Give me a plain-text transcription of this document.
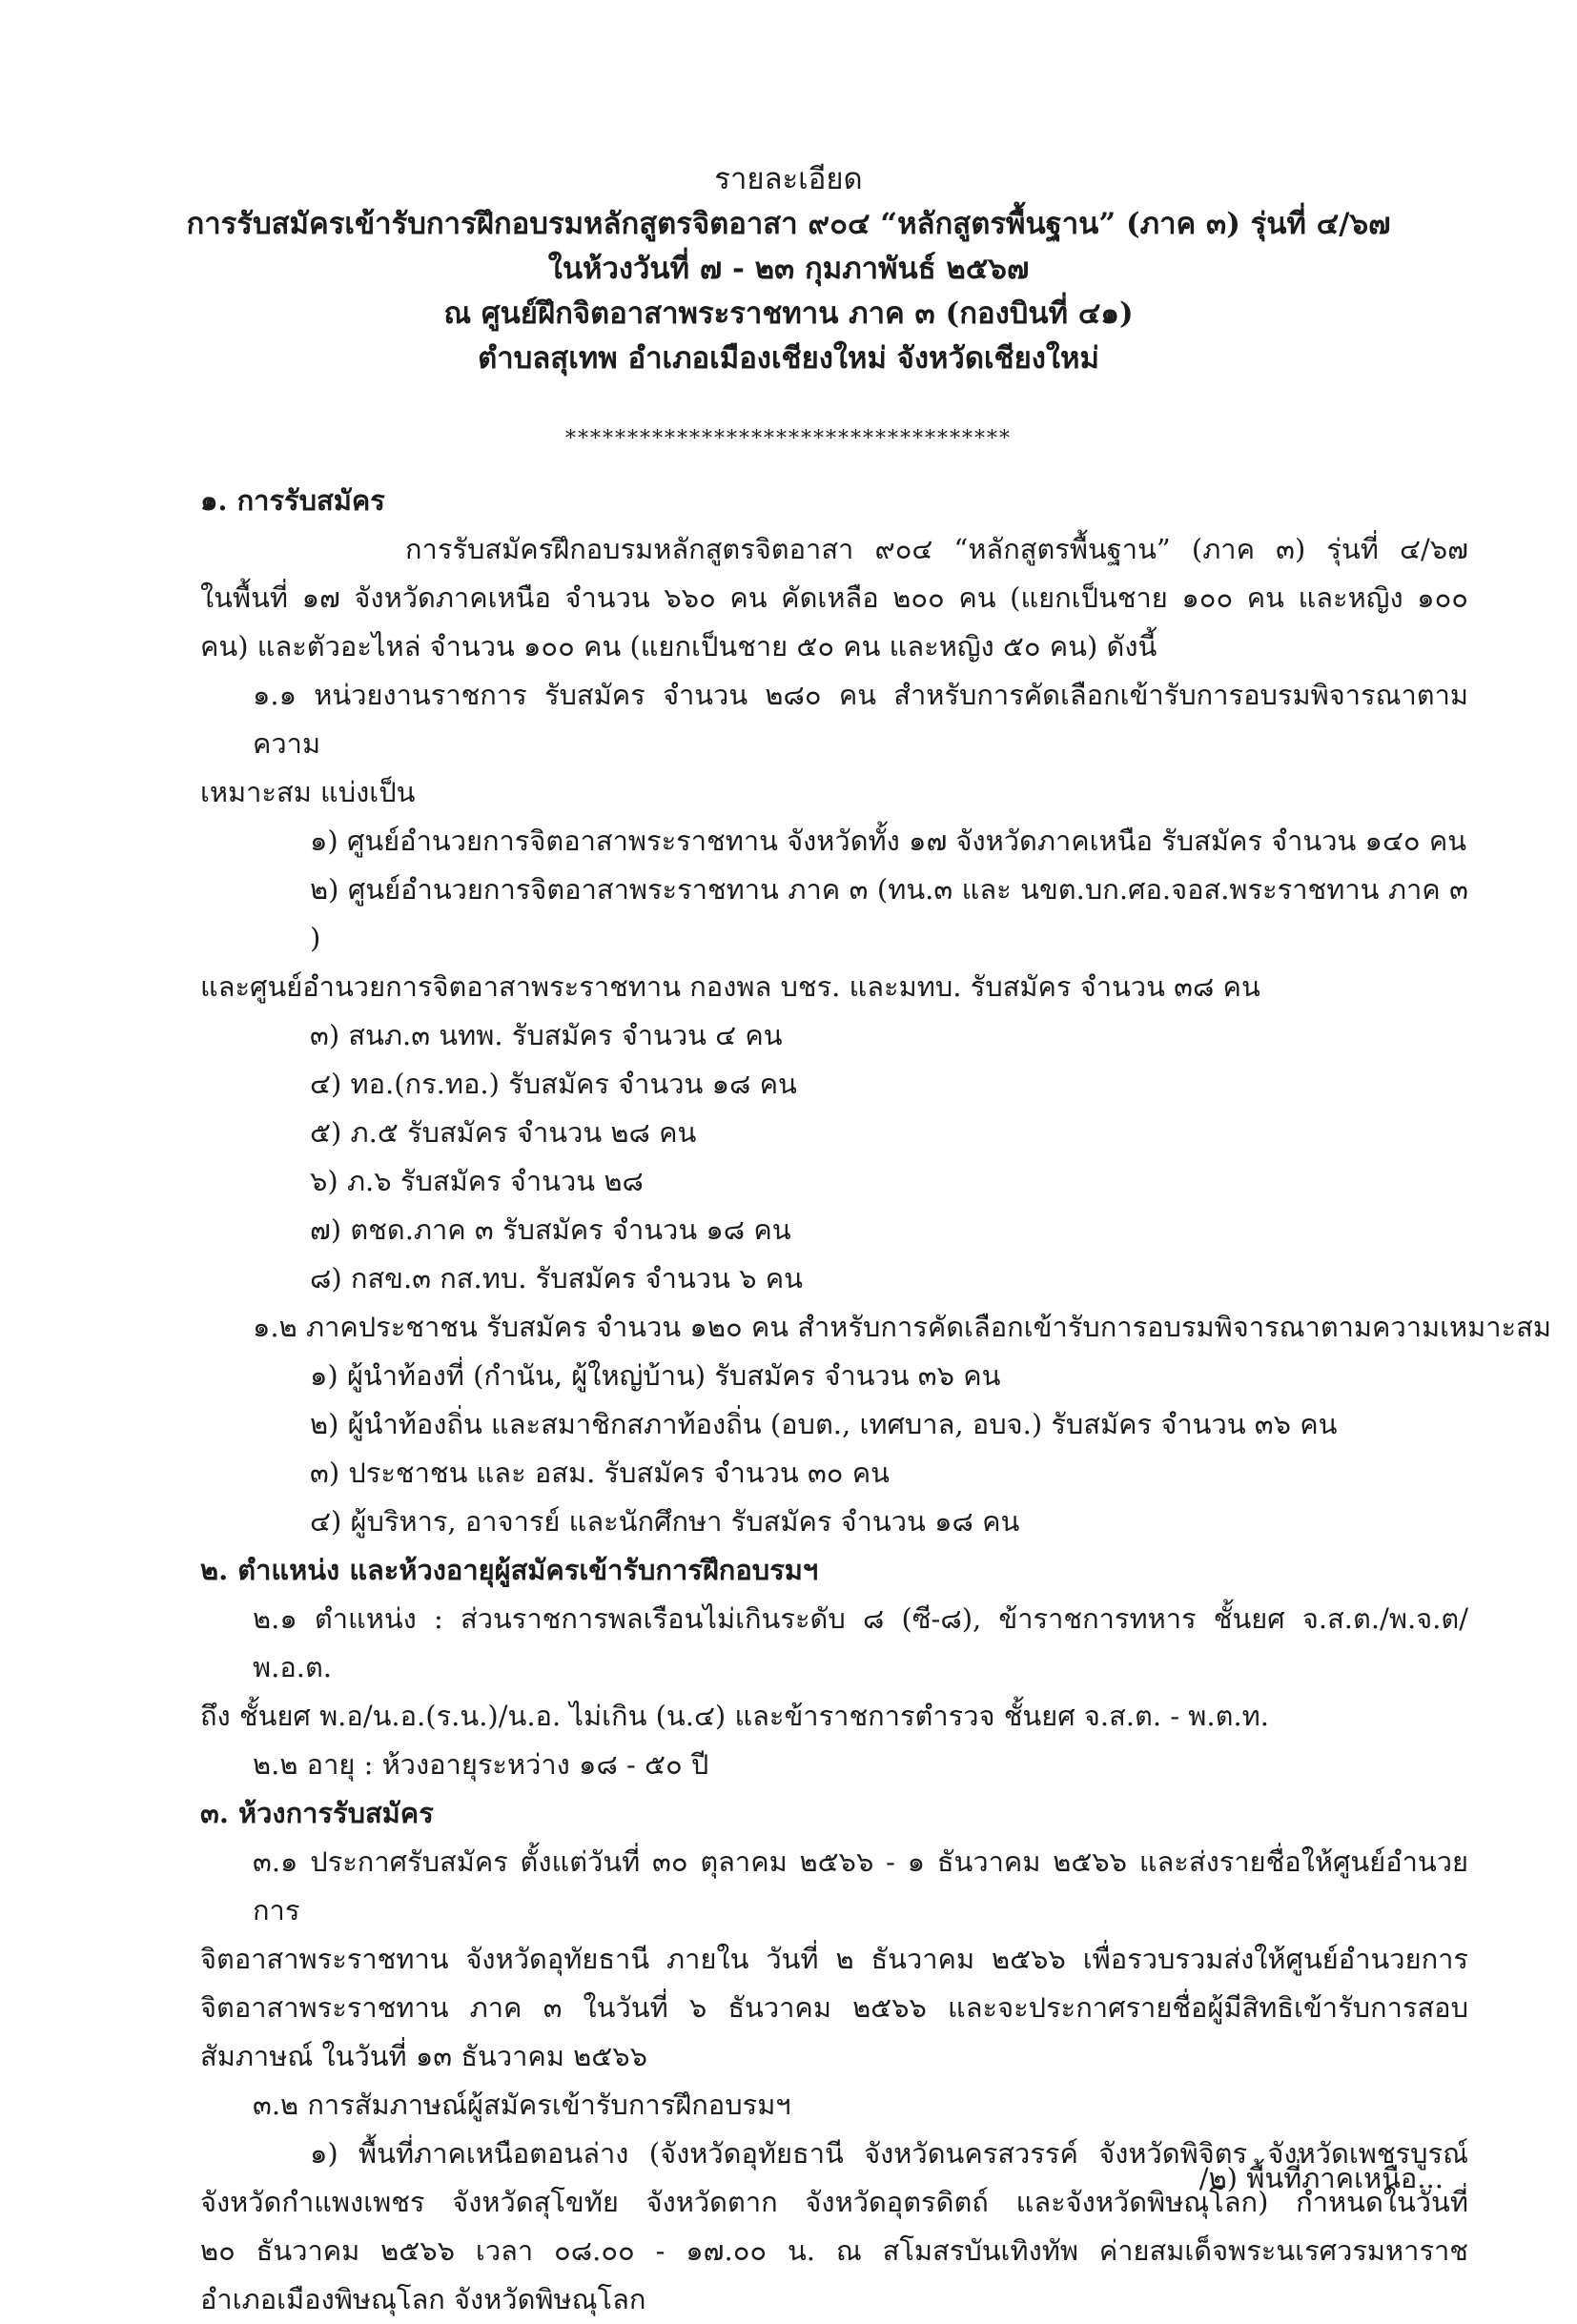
รายละเอียด
การรับสมัครเข้ารับการฝึกอบรมหลักสูตรจิตอาสา ๙๐๔ “หลักสูตรพื้นฐาน” (ภาค ๓) รุ่นที่ ๔/๖๗
ในห้วงวันที่ ๗ - ๒๓ กุมภาพันธ์ ๒๕๖๗
ณ ศูนย์ฝึกจิตอาสาพระราชทาน ภาค ๓ (กองบินที่ ๔๑)
ตำบลสุเทพ อำเภอเมืองเชียงใหม่ จังหวัดเชียงใหม่
************************************

๑. การรับสมัคร

การรับสมัครฝึกอบรมหลักสูตรจิตอาสา ๙๐๔ “หลักสูตรพื้นฐาน” (ภาค ๓) รุ่นที่ ๔/๖๗

ในพื้นที่ ๑๗ จังหวัดภาคเหนือ จำนวน ๖๖๐ คน คัดเหลือ ๒๐๐ คน (แยกเป็นชาย ๑๐๐ คน และหญิง ๑๐๐

คน) และตัวอะไหล่ จำนวน ๑๐๐ คน (แยกเป็นชาย ๕๐ คน และหญิง ๕๐ คน) ดังนี้

๑.๑ หน่วยงานราชการ รับสมัคร จำนวน ๒๘๐ คน สำหรับการคัดเลือกเข้ารับการอบรมพิจารณาตามความ

เหมาะสม แบ่งเป็น

๑) ศูนย์อำนวยการจิตอาสาพระราชทาน จังหวัดทั้ง ๑๗ จังหวัดภาคเหนือ รับสมัคร จำนวน ๑๔๐ คน

๒) ศูนย์อำนวยการจิตอาสาพระราชทาน ภาค ๓ (ทน.๓ และ นขต.บก.ศอ.จอส.พระราชทาน ภาค ๓ )

และศูนย์อำนวยการจิตอาสาพระราชทาน กองพล บชร. และมทบ. รับสมัคร จำนวน ๓๘ คน

๓) สนภ.๓ นทพ. รับสมัคร จำนวน ๔ คน

๔) ทอ.(กร.ทอ.) รับสมัคร จำนวน ๑๘ คน

๕) ภ.๕ รับสมัคร จำนวน ๒๘ คน

๖) ภ.๖ รับสมัคร จำนวน ๒๘

๗) ตชด.ภาค ๓ รับสมัคร จำนวน ๑๘ คน

๘) กสข.๓ กส.ทบ. รับสมัคร จำนวน ๖ คน

๑.๒ ภาคประชาชน รับสมัคร จำนวน ๑๒๐ คน สำหรับการคัดเลือกเข้ารับการอบรมพิจารณาตามความเหมาะสม

๑) ผู้นำท้องที่ (กำนัน, ผู้ใหญ่บ้าน) รับสมัคร จำนวน ๓๖ คน

๒) ผู้นำท้องถิ่น และสมาชิกสภาท้องถิ่น (อบต., เทศบาล, อบจ.) รับสมัคร จำนวน ๓๖ คน

๓) ประชาชน และ อสม. รับสมัคร จำนวน ๓๐ คน

๔) ผู้บริหาร, อาจารย์ และนักศึกษา รับสมัคร จำนวน ๑๘ คน

๒. ตำแหน่ง และห้วงอายุผู้สมัครเข้ารับการฝึกอบรมฯ

๒.๑ ตำแหน่ง : ส่วนราชการพลเรือนไม่เกินระดับ ๘ (ซี-๘), ข้าราชการทหาร ชั้นยศ จ.ส.ต./พ.จ.ต/พ.อ.ต.

ถึง ชั้นยศ พ.อ/น.อ.(ร.น.)/น.อ. ไม่เกิน (น.๔) และข้าราชการตำรวจ ชั้นยศ จ.ส.ต. - พ.ต.ท.

๒.๒ อายุ : ห้วงอายุระหว่าง ๑๘ - ๕๐ ปี

๓. ห้วงการรับสมัคร

๓.๑ ประกาศรับสมัคร ตั้งแต่วันที่ ๓๐ ตุลาคม ๒๕๖๖ - ๑ ธันวาคม ๒๕๖๖ และส่งรายชื่อให้ศูนย์อำนวยการ

จิตอาสาพระราชทาน จังหวัดอุทัยธานี ภายใน วันที่ ๒ ธันวาคม ๒๕๖๖ เพื่อรวบรวมส่งให้ศูนย์อำนวยการ

จิตอาสาพระราชทาน ภาค ๓ ในวันที่ ๖ ธันวาคม ๒๕๖๖ และจะประกาศรายชื่อผู้มีสิทธิเข้ารับการสอบ

สัมภาษณ์ ในวันที่ ๑๓ ธันวาคม ๒๕๖๖

๓.๒ การสัมภาษณ์ผู้สมัครเข้ารับการฝึกอบรมฯ

๑) พื้นที่ภาคเหนือตอนล่าง (จังหวัดอุทัยธานี จังหวัดนครสวรรค์ จังหวัดพิจิตร จังหวัดเพชรบูรณ์

จังหวัดกำแพงเพชร จังหวัดสุโขทัย จังหวัดตาก จังหวัดอุตรดิตถ์ และจังหวัดพิษณุโลก) กำหนดในวันที่

๒๐ ธันวาคม ๒๕๖๖ เวลา ๐๘.๐๐ - ๑๗.๐๐ น. ณ สโมสรบันเทิงทัพ ค่ายสมเด็จพระนเรศวรมหาราช

อำเภอเมืองพิษณุโลก จังหวัดพิษณุโลก

/๒) พื้นที่ภาคเหนือ...
